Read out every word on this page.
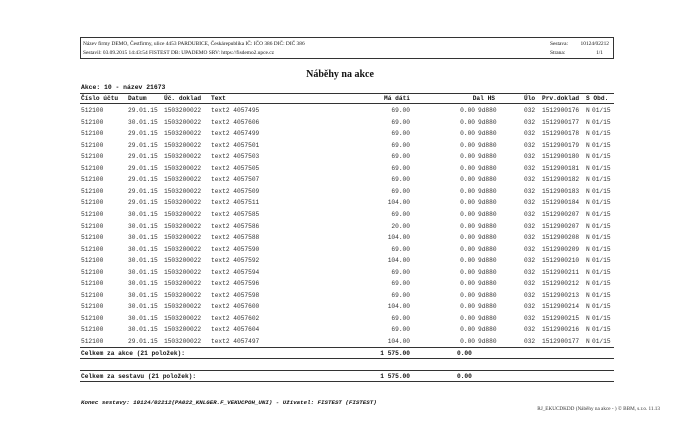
Název firmy DEMO, Čestfirmy, ulice 4453 PARDUBICE, Českárepublika IČ: IČO 386 DIČ: DIČ 386
Sestavil: 03.09.2015 14:43:54 FISTEST DB: UPADEMO SRV: https://fisdemo2.upce.cz
Sestava: 10124/02212
Strana:	1/1
Náběhy na akce
Akce: 10 - název 21673
Číslo účtu Datum	Úč. doklad Text	Má dáti	Dal HS	Úlo Prv.doklad S Obd.
512100	29.01.15 1503200022 text2 4057495	69.00	0.00 9d880	032 1512900176 N 01/15
512100	30.01.15 1503200022 text2 4057606	69.00	0.00 9d880	032 1512900177 N 01/15
512100	29.01.15 1503200022 text2 4057499	69.00	0.00 9d880	032 1512900178 N 01/15
512100	29.01.15 1503200022 text2 4057501	69.00	0.00 9d880	032 1512900179 N 01/15
512100	29.01.15 1503200022 text2 4057503	69.00	0.00 9d880	032 1512900180 N 01/15
512100	29.01.15 1503200022 text2 4057505	69.00	0.00 9d880	032 1512900181 N 01/15
512100	29.01.15 1503200022 text2 4057507	69.00	0.00 9d880	032 1512900182 N 01/15
512100	29.01.15 1503200022 text2 4057509	69.00	0.00 9d880	032 1512900183 N 01/15
512100	29.01.15 1503200022 text2 4057511	104.00	0.00 9d880	032 1512900184 N 01/15
512100	30.01.15 1503200022 text2 4057585	69.00	0.00 9d880	032 1512900207 N 01/15
512100	30.01.15 1503200022 text2 4057586	20.00	0.00 9d880	032 1512900207 N 01/15
512100	30.01.15 1503200022 text2 4057588	104.00	0.00 9d880	032 1512900208 N 01/15
512100	30.01.15 1503200022 text2 4057590	69.00	0.00 9d880	032 1512900209 N 01/15
512100	30.01.15 1503200022 text2 4057592	104.00	0.00 9d880	032 1512900210 N 01/15
512100	30.01.15 1503200022 text2 4057594	69.00	0.00 9d880	032 1512900211 N 01/15
512100	30.01.15 1503200022 text2 4057596	69.00	0.00 9d880	032 1512900212 N 01/15
512100	30.01.15 1503200022 text2 4057598	69.00	0.00 9d880	032 1512900213 N 01/15
512100	30.01.15 1503200022 text2 4057600	104.00	0.00 9d880	032 1512900214 N 01/15
512100	30.01.15 1503200022 text2 4057602	69.00	0.00 9d880	032 1512900215 N 01/15
512100	30.01.15 1503200022 text2 4057604	69.00	0.00 9d880	032 1512900216 N 01/15
512100	29.01.15 1503200022 text2 4057497	104.00	0.00 9d880	032 1512900177 N 01/15
Celkem za akce (21 položek):	1 575.00	0.00
Celkem za sestavu (21 položek):	1 575.00	0.00
Konec sestavy: 10124/02212(PA022_KNLGER.F_VEKUCPOH_UNI) - Uživatel: FISTEST (FISTEST)
RJ_EKUCDKDD (Náběhy na akce - ) © BBM, s.r.o. 11.13
